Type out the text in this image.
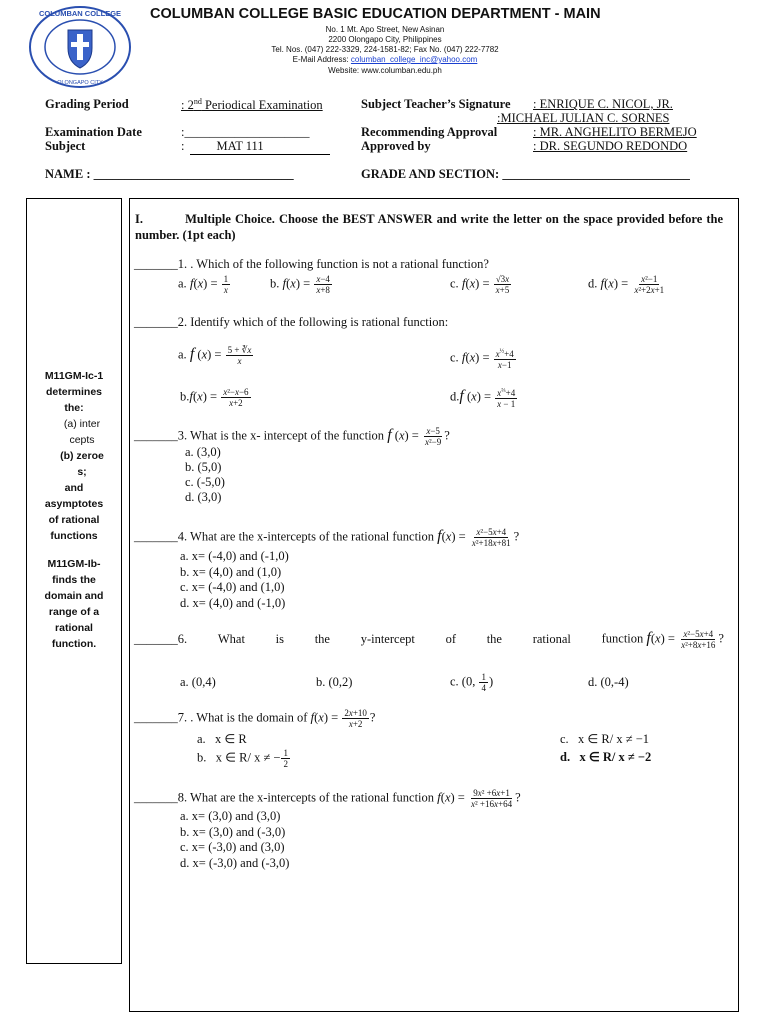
COLUMBAN COLLEGE
OLONGAPO CITY
COLUMBAN COLLEGE BASIC EDUCATION DEPARTMENT - MAIN
No. 1 Mt. Apo Street, New Asinan
2200 Olongapo City, Philippines
Tel. Nos. (047) 222-3329, 224-1581-82; Fax No. (047) 222-7782
E-Mail Address: columban_college_inc@yahoo.com
Website: www.columban.edu.ph
Grading Period	: 2nd Periodical Examination	Subject Teacher’s Signature : ENRIQUE C. NICOL, JR.
:MICHAEL JULIAN C. SORNES
Examination Date	:____________________	Recommending Approval	: MR. ANGHELITO BERMEJO
Subject	:	MAT 111	Approved by	: DR. SEGUNDO REDONDO
NAME : ________________________________	GRADE AND SECTION: ______________________________
M11GM-Ic-1
determines
the:
(a) inter
cepts
(b) zeroe
s;
and
asymptotes
of rational
functions
M11GM-Ib-
finds the
domain and
range of a
rational
function.
I.	Multiple Choice. Choose the BEST ANSWER and write the letter on the space provided before the number. (1pt each)
_______1. . Which of the following function is not a rational function?
a. $f(x) = \frac{1}{x}$	b. $f(x) = \frac{x-4}{x+8}$	c. $f(x) = \frac{√3x}{x+5}$	d. $f(x) = \frac{\text{x²−1}}{\text{x²+2x+1}}$
_______2. Identify which of the following is rational function:
a. f $(x) = \frac{5 + ∛x}{x}$	c. $f(x) = \frac{x^{\frac{1}{2}}+4}{x-1}$
$b.f(x) = \frac{\text{x²−x−6}}{x+2}$	d.f $(x) = \frac{x^{\frac{2}{3}}+4}{x - 1}$
_______3. What is the x- intercept of the function f $(x) = \frac{x-5}{\text{x²−9}}$ ?
a. (3,0)
b. (5,0)
c. (-5,0)
d. (3,0)
_______4. What are the x-intercepts of the rational function $f(x) = \frac{\text{x²−5x+4}}{\text{x²+18x+81}}$ ?
a. x= (-4,0) and (-1,0)
b. x= (4,0) and (1,0)
c. x= (-4,0) and (1,0)
d. x= (4,0) and (-1,0)
_______6. What is the y-intercept of the rational function $f(x) = \frac{\text{x²−5x+4}}{\text{x²+8x+16}}$ ?
a. (0,4)	b. (0,2)	c. (0, $\frac{1}{4}$ )	d. (0,-4)
_______7. . What is the domain of $f(x) = \frac{2x+10}{x+2}$ ?
a.   x ∈ R
b.   x ∈ R/ x ≠ − $\frac{1}{2}$
c.   x ∈ R/ x ≠ −1
d.   x ∈ R/ x ≠ −2
_______8. What are the x-intercepts of the rational function $f(x) = \frac{\text{9x² +6x+1}}{\text{x² +16x+64}}$ ?
a. x= (3,0) and (3,0)
b. x= (3,0) and (-3,0)
c. x= (-3,0) and (3,0)
d. x= (-3,0) and (-3,0)
